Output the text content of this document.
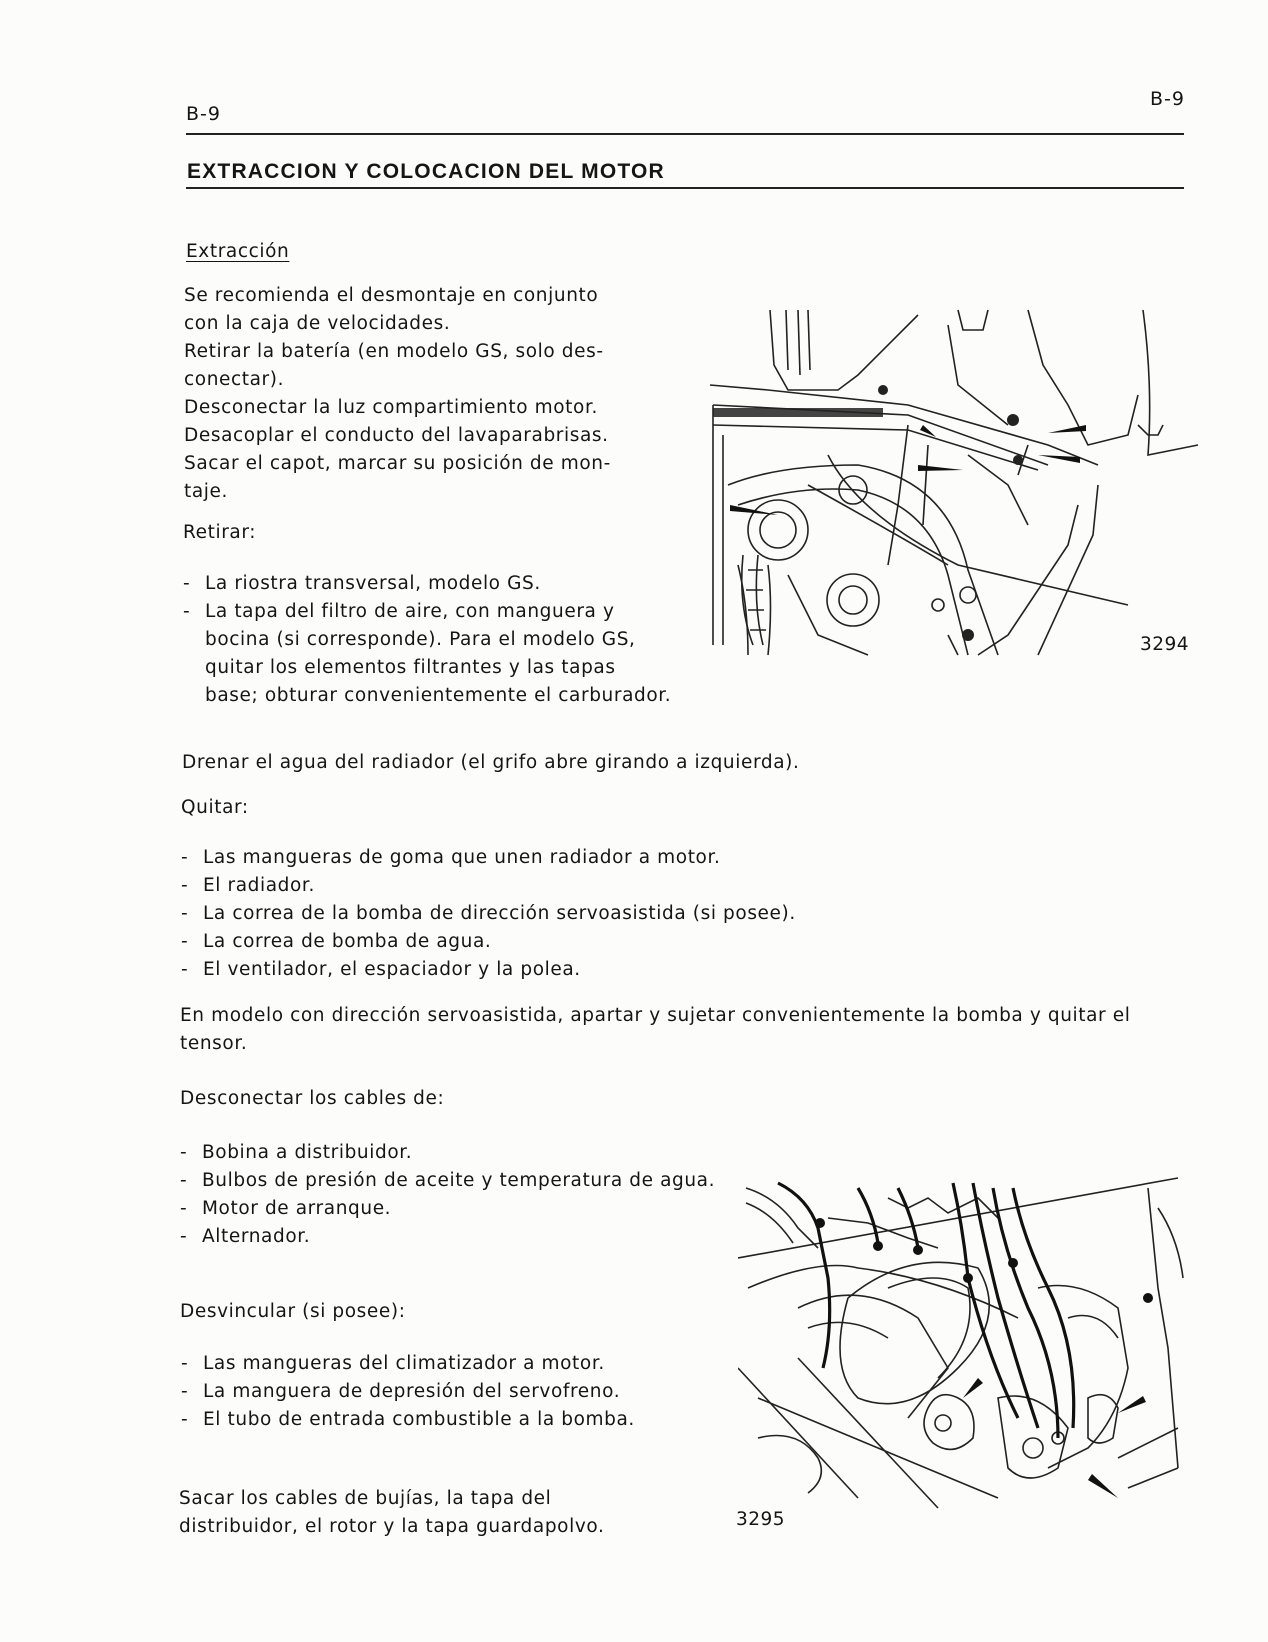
B-9
B-9
EXTRACCION Y COLOCACION DEL MOTOR
Extracción
Se recomienda el desmontaje en conjunto
con la caja de velocidades.
Retirar la batería (en modelo GS, solo des-
conectar).
Desconectar la luz compartimiento motor.
Desacoplar el conducto del lavaparabrisas.
Sacar el capot, marcar su posición de mon-
taje.
Retirar:
- La riostra transversal, modelo GS.
- La tapa del filtro de aire, con manguera y bocina (si corresponde). Para el modelo GS, quitar los elementos filtrantes y las tapas base; obturar convenientemente el carburador.
3294
Drenar el agua del radiador (el grifo abre girando a izquierda).
Quitar:
- Las mangueras de goma que unen radiador a motor.
- El radiador.
- La correa de la bomba de dirección servoasistida (si posee).
- La correa de bomba de agua.
- El ventilador, el espaciador y la polea.
En modelo con dirección servoasistida, apartar y sujetar convenientemente la bomba y quitar el tensor.
Desconectar los cables de:
- Bobina a distribuidor.
- Bulbos de presión de aceite y temperatura de agua.
- Motor de arranque.
- Alternador.
Desvincular (si posee):
- Las mangueras del climatizador a motor.
- La manguera de depresión del servofreno.
- El tubo de entrada combustible a la bomba.
Sacar los cables de bujías, la tapa del distribuidor, el rotor y la tapa guardapolvo.	3295
